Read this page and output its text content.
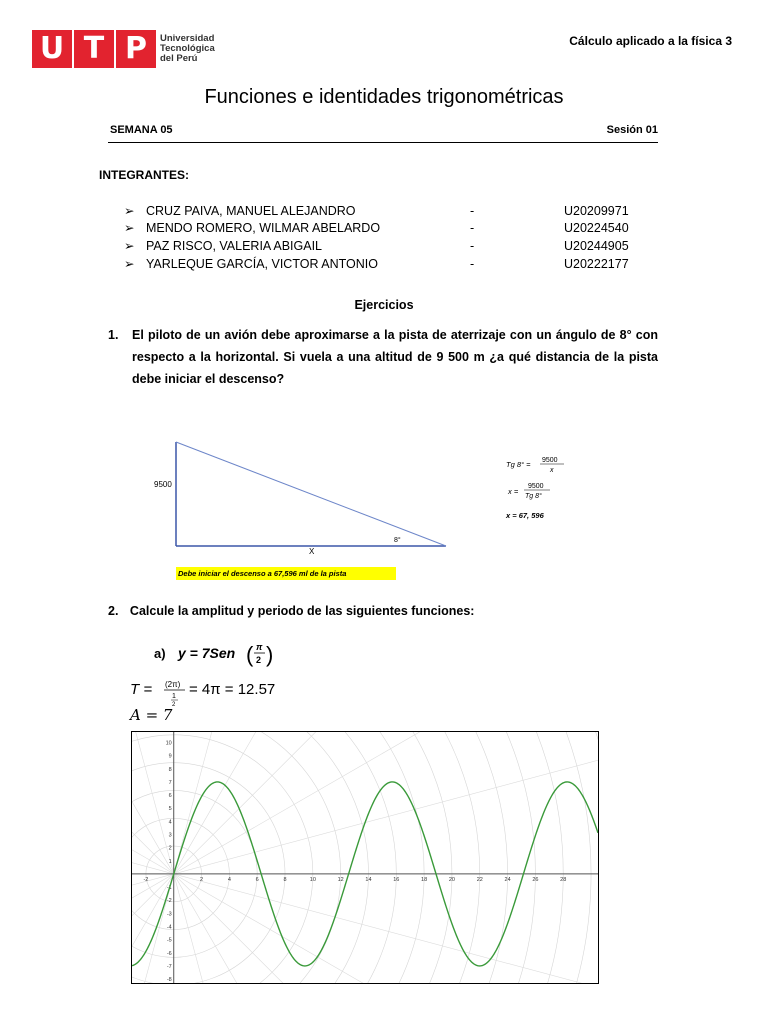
U T P	Universidad
Tecnológica
del Perú
Cálculo aplicado a la física 3
Funciones e identidades trigonométricas
SEMANA 05	Sesión 01
INTEGRANTES:
➢ CRUZ PAIVA, MANUEL ALEJANDRO	-	U20209971
➢ MENDO ROMERO, WILMAR ABELARDO	-	U20224540
➢ PAZ RISCO, VALERIA ABIGAIL	-	U20244905
➢ YARLEQUE GARCÍA, VICTOR ANTONIO	-	U20222177
Ejercicios
1. El piloto de un avión debe aproximarse a la pista de aterrizaje con un ángulo de 8° con respecto a la horizontal. Si vuela a una altitud de 9 500 m ¿a qué distancia de la pista debe iniciar el descenso?
9500
X
8°
Debe iniciar el descenso a 67,596 ml de la pista
Tg 8° = 9500
x
x =
9500
Tg 8°
x = 67, 596
2. Calcule la amplitud y periodo de las siguientes funciones:
a) y = 7Sen ( π
2 )
T = (2π)
1
2
= 4π = 12.57
A = 7
-2	2	4	6	8	10	12	14	16	18	20	22	24	26	28
-8
-7
-6
-5
-4
-3
-2
-1
1
2
3
4
5
6
7
8
9
10
